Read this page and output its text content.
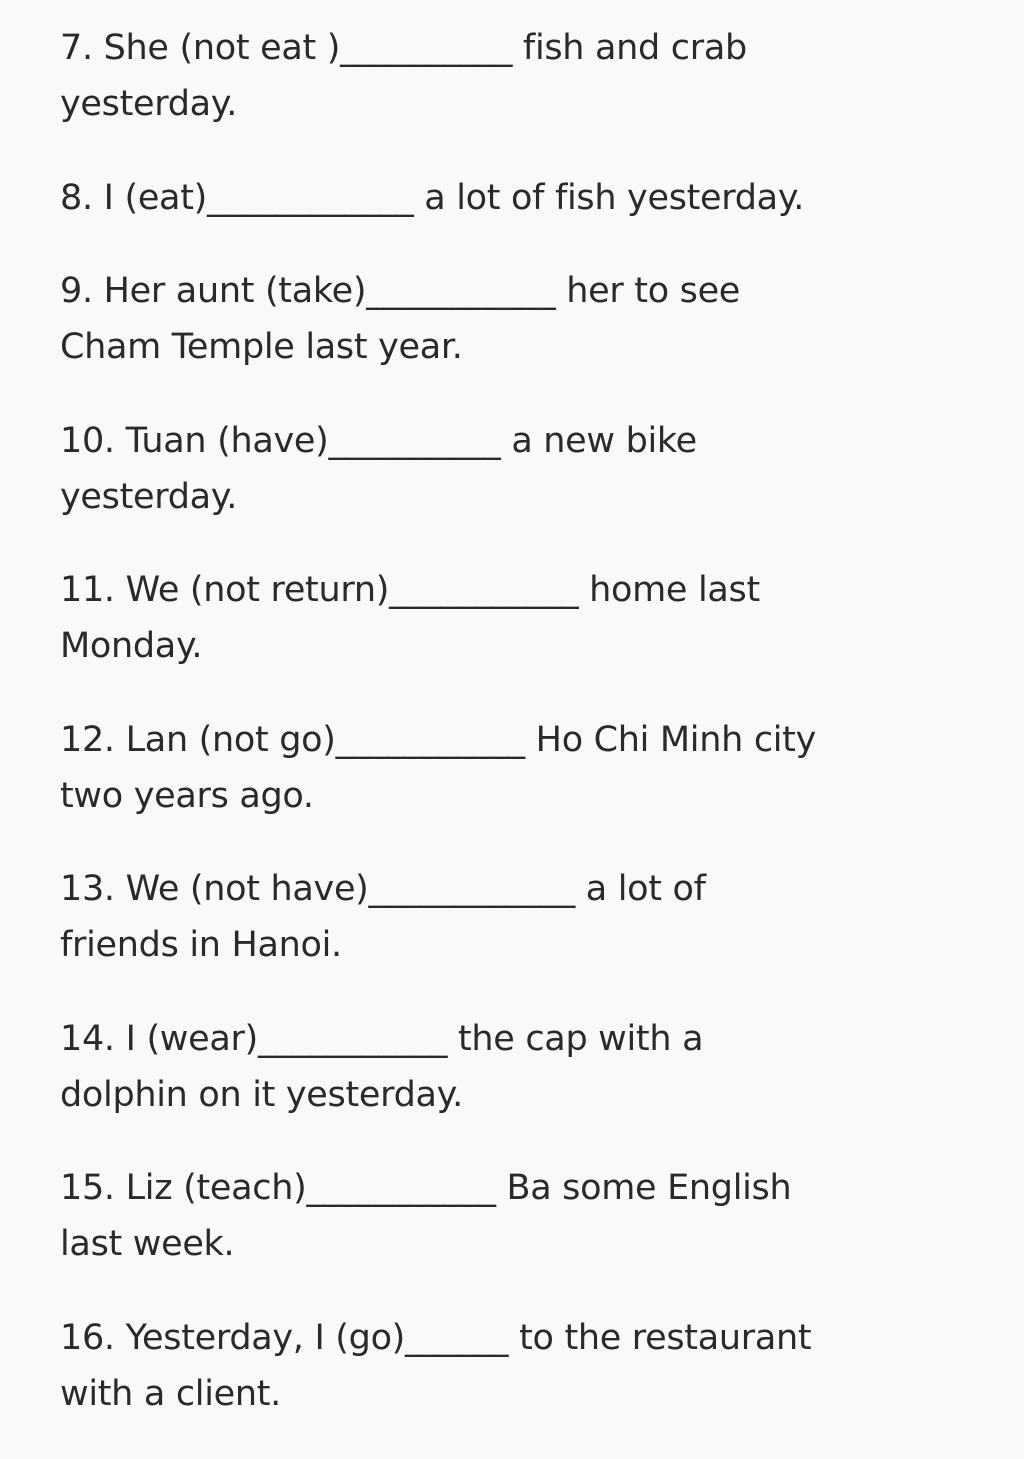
7. She (not eat )__________ fish and crab
yesterday.
8. I (eat)____________ a lot of fish yesterday.
9. Her aunt (take)___________ her to see
Cham Temple last year.
10. Tuan (have)__________ a new bike
yesterday.
11. We (not return)___________ home last
Monday.
12. Lan (not go)___________ Ho Chi Minh city
two years ago.
13. We (not have)____________ a lot of
friends in Hanoi.
14. I (wear)___________ the cap with a
dolphin on it yesterday.
15. Liz (teach)___________ Ba some English
last week.
16. Yesterday, I (go)______ to the restaurant
with a client.
